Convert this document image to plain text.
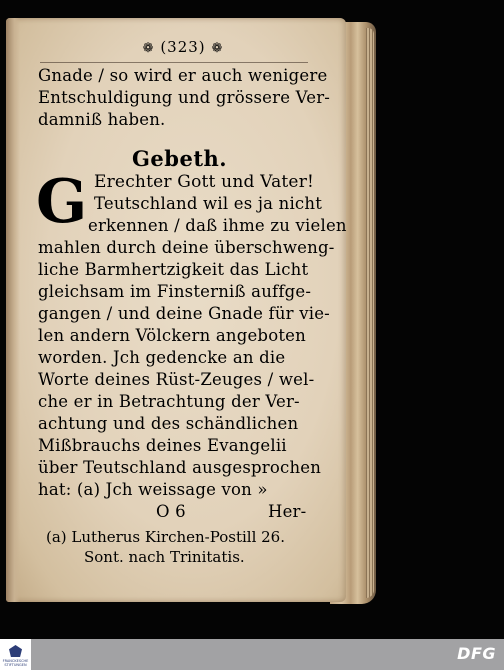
❁ (323) ❁
Gnade / so wird er auch wenigere
Entschuldigung und grössere Ver-
damniß haben.
Gebeth.
G Erechter Gott und Vater!
Teutschland wil es ja nicht
erkennen / daß ihme zu vielen
mahlen durch deine überschweng-
liche Barmhertzigkeit das Licht
gleichsam im Finsterniß auffge-
gangen / und deine Gnade für vie-
len andern Völckern angeboten
worden. Jch gedencke an die
Worte deines Rüst-Zeuges / wel-
che er in Betrachtung der Ver-
achtung und des schändlichen
Mißbrauchs deines Evangelii
über Teutschland ausgesprochen
hat: (a) Jch weissage von »
O 6	Her-
(a) Lutherus Kirchen-Postill 26.
Sont. nach Trinitatis.
FRANCKESCHE STIFTUNGEN
DFG
